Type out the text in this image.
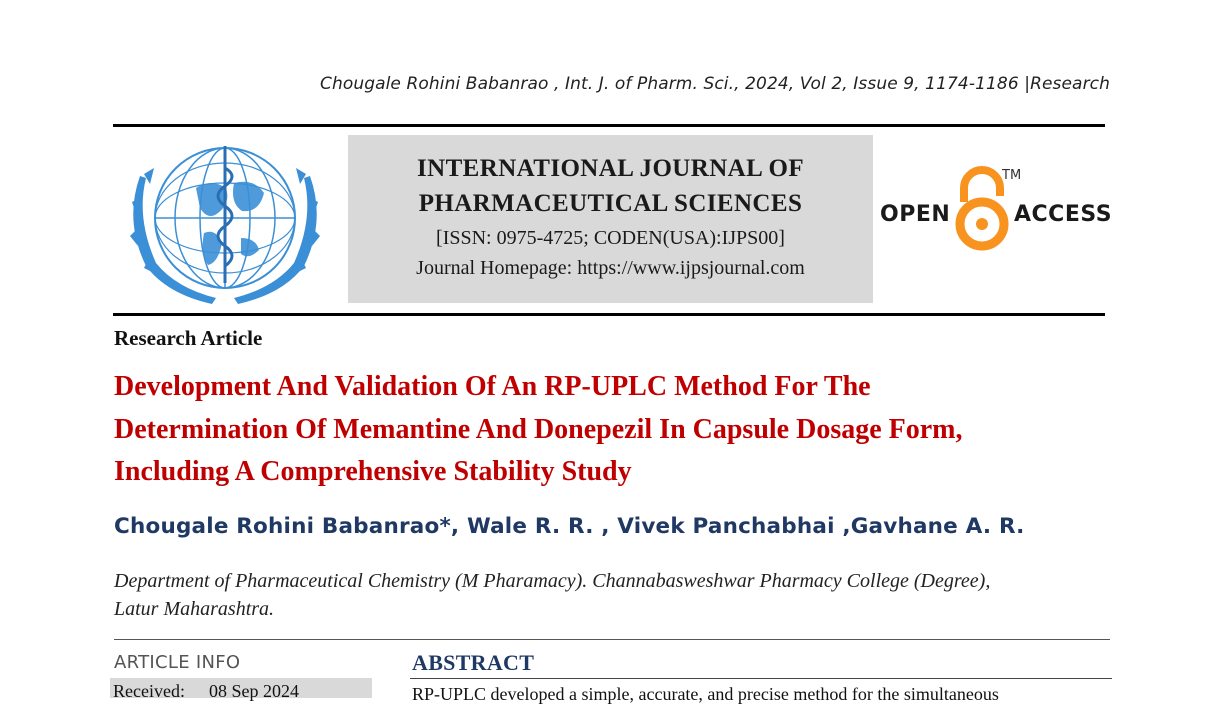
Chougale Rohini Babanrao , Int. J. of Pharm. Sci., 2024, Vol 2, Issue 9, 1174-1186 |Research
INTERNATIONAL JOURNAL OF
PHARMACEUTICAL SCIENCES
[ISSN: 0975-4725; CODEN(USA):IJPS00]
Journal Homepage: https://www.ijpsjournal.com
OPEN
TM
ACCESS
Research Article
Development And Validation Of An RP-UPLC Method For The
Determination Of Memantine And Donepezil In Capsule Dosage Form,
Including A Comprehensive Stability Study
Chougale Rohini Babanrao*, Wale R. R. , Vivek Panchabhai ,Gavhane A. R.
Department of Pharmaceutical Chemistry (M Pharamacy). Channabasweshwar Pharmacy College (Degree),
Latur Maharashtra.
ARTICLE INFO
Received: 08 Sep 2024
ABSTRACT
RP-UPLC developed a simple, accurate, and precise method for the simultaneous
